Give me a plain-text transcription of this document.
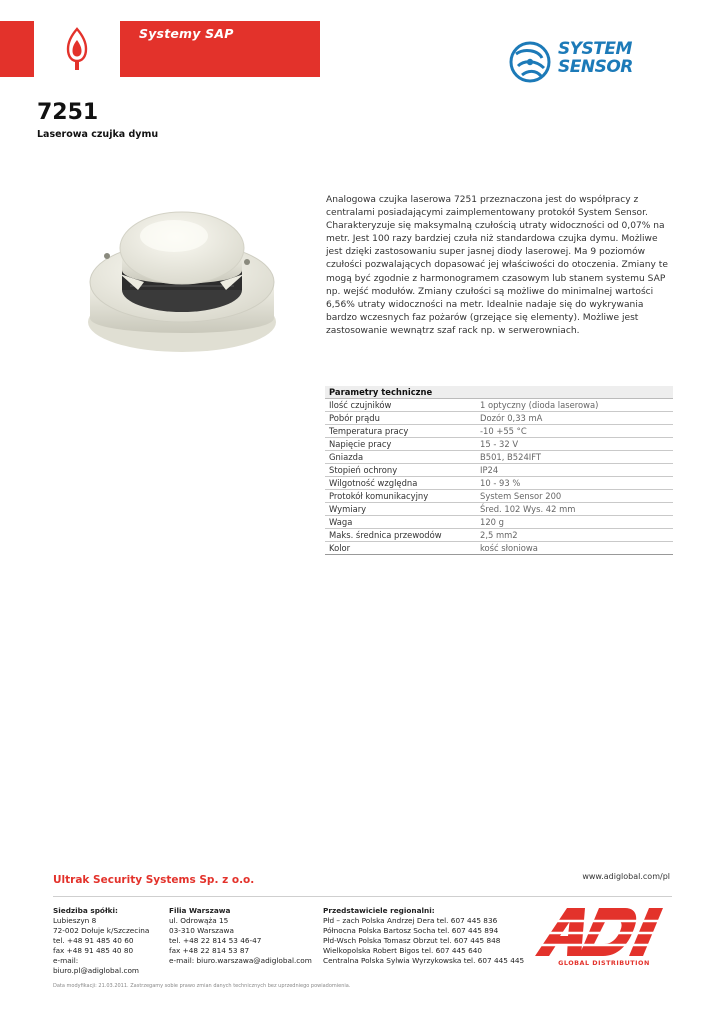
Systemy SAP
SYSTEM
SENSOR
7251
Laserowa czujka dymu
Analogowa czujka laserowa 7251 przeznaczona jest do współpracy z centralami posiadającymi zaimplementowany protokół System Sensor. Charakteryzuje się maksymalną czułością utraty widoczności od 0,07% na metr. Jest 100 razy bardziej czuła niż standardowa czujka dymu. Możliwe jest dzięki zastosowaniu super jasnej diody laserowej. Ma 9 poziomów czułości pozwalających dopasować jej właściwości do otoczenia. Zmiany te mogą być zgodnie z harmonogramem czasowym lub stanem systemu SAP np. wejść modułów. Zmiany czułości są możliwe do minimalnej wartości 6,56% utraty widoczności na metr. Idealnie nadaje się do wykrywania bardzo wczesnych faz pożarów (grzejące się elementy). Możliwe jest zastosowanie wewnątrz szaf rack np. w serwerowniach.
Parametry techniczne	
Ilość czujników	1 optyczny (dioda laserowa)
Pobór prądu	Dozór 0,33 mA
Temperatura pracy	-10 +55 °C
Napięcie pracy	15 - 32 V
Gniazda	B501, B524IFT
Stopień ochrony	IP24
Wilgotność względna	10 - 93 %
Protokół komunikacyjny	System Sensor 200
Wymiary	Śred. 102 Wys. 42 mm
Waga	120 g
Maks. średnica przewodów	2,5 mm2
Kolor	kość słoniowa
Ultrak Security Systems Sp. z o.o.	www.adiglobal.com/pl
Siedziba spółki:
Lubieszyn 8
72-002 Dołuje k/Szczecina
tel. +48 91 485 40 60
fax +48 91 485 40 80
e-mail:
biuro.pl@adiglobal.com
Filia Warszawa
ul. Odrowąża 15
03-310 Warszawa
tel. +48 22 814 53 46-47
fax +48 22 814 53 87
e-mail: biuro.warszawa@adiglobal.com
Przedstawiciele regionalni:
Płd – zach Polska Andrzej Dera tel. 607 445 836
Północna Polska Bartosz Socha tel. 607 445 894
Płd-Wsch Polska Tomasz Obrzut tel. 607 445 848
Wielkopolska Robert Bigos tel. 607 445 640
Centralna Polska Sylwia Wyrzykowska tel. 607 445 445	GLOBAL DISTRIBUTION
Data modyfikacji: 21.03.2011. Zastrzegamy sobie prawo zmian danych technicznych bez uprzedniego powiadomienia.
